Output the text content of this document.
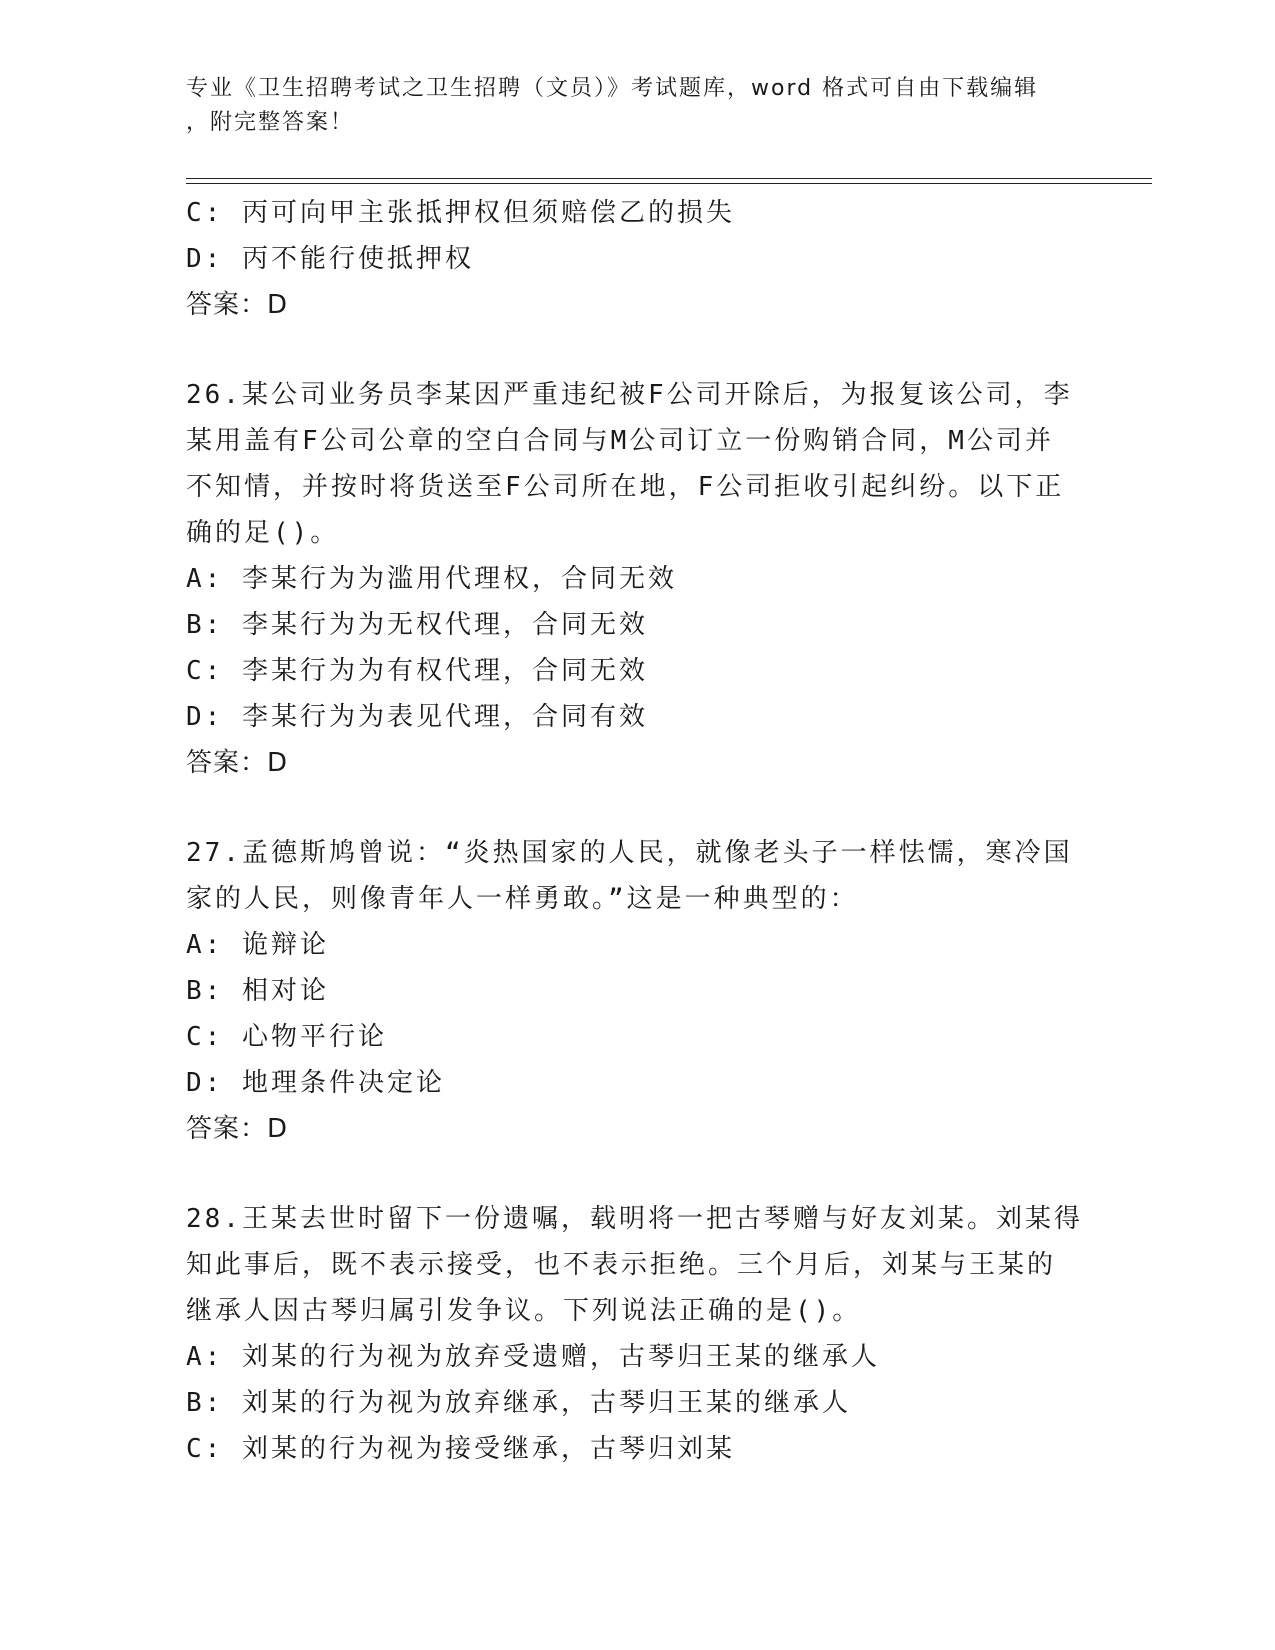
专业《卫生招聘考试之卫生招聘（文员）》考试题库，word 格式可自由下载编辑
，附完整答案！
C: 丙可向甲主张抵押权但须赔偿乙的损失
D: 丙不能行使抵押权
答案：D
26.某公司业务员李某因严重违纪被F公司开除后，为报复该公司，李
某用盖有F公司公章的空白合同与M公司订立一份购销合同，M公司并
不知情，并按时将货送至F公司所在地，F公司拒收引起纠纷。以下正
确的足()。
A: 李某行为为滥用代理权，合同无效
B: 李某行为为无权代理，合同无效
C: 李某行为为有权代理，合同无效
D: 李某行为为表见代理，合同有效
答案：D
27.孟德斯鸠曾说：“炎热国家的人民，就像老头子一样怯懦，寒冷国
家的人民，则像青年人一样勇敢。”这是一种典型的：
A: 诡辩论
B: 相对论
C: 心物平行论
D: 地理条件决定论
答案：D
28.王某去世时留下一份遗嘱，载明将一把古琴赠与好友刘某。刘某得
知此事后，既不表示接受，也不表示拒绝。三个月后，刘某与王某的
继承人因古琴归属引发争议。下列说法正确的是()。
A: 刘某的行为视为放弃受遗赠，古琴归王某的继承人
B: 刘某的行为视为放弃继承，古琴归王某的继承人
C: 刘某的行为视为接受继承，古琴归刘某
